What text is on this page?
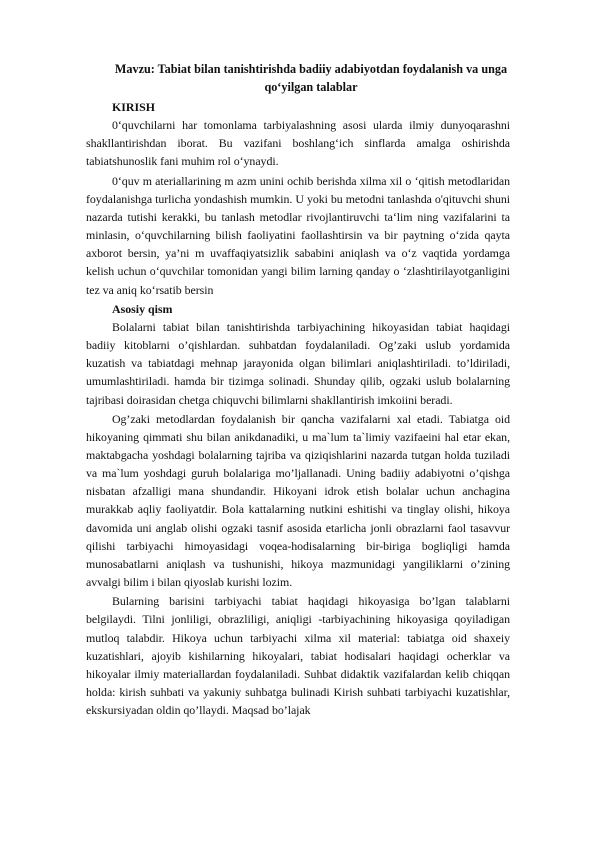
Mavzu: Tabiat bilan tanishtirishda badiiy adabiyotdan foydalanish va unga qo‘yilgan talablar

KIRISH

0‘quvchilarni har tomonlama tarbiyalashning asosi ularda ilmiy dunyoqarashni shakllantirishdan iborat. Bu vazifani boshlang‘ich sinflarda amalga oshirishda tabiatshunoslik fani muhim rol o‘ynaydi.

0‘quv m ateriallarining m azm unini ochib berishda xilma xil o ‘qitish metodlaridan foydalanishga turlicha yondashish mumkin. U yoki bu metodni tanlashda o'qituvchi shuni nazarda tutishi kerakki, bu tanlash metodlar rivojlantiruvchi ta‘lim ning vazifalarini ta minlasin, o‘quvchilarning bilish faoliyatini faollashtirsin va bir paytning o‘zida qayta axborot bersin, ya’ni m uvaffaqiyatsizlik sababini aniqlash va o‘z vaqtida yordamga kelish uchun o‘quvchilar tomonidan yangi bilim larning qanday o ‘zlashtirilayotganligini tez va aniq ko‘rsatib bersin

Asosiy qism

Bolalarni tabiat bilan tanishtirishda tarbiyachining hikoyasidan tabiat haqidagi badiiy kitoblarni o’qishlardan. suhbatdan foydalaniladi. Og’zaki uslub yordamida kuzatish va tabiatdagi mehnap jarayonida olgan bilimlari aniqlashtiriladi. to’ldiriladi, umumlashtiriladi. hamda bir tizimga solinadi. Shunday qilib, ogzaki uslub bolalarning tajribasi doirasidan chetga chiquvchi bilimlarni shakllantirish imkoiini beradi.

Og’zaki metodlardan foydalanish bir qancha vazifalarni xal etadi. Tabiatga oid hikoyaning qimmati shu bilan anikdanadiki, u ma`lum ta`limiy vazifaeini hal etar ekan, maktabgacha yoshdagi bolalarning tajriba va qiziqishlarini nazarda tutgan holda tuziladi va ma`lum yoshdagi guruh bolalariga mo’ljallanadi. Uning badiiy adabiyotni o’qishga nisbatan afzalligi mana shundandir. Hikoyani idrok etish bolalar uchun anchagina murakkab aqliy faoliyatdir. Bola kattalarning nutkini eshitishi va tinglay olishi, hikoya davomida uni anglab olishi ogzaki tasnif asosida etarlicha jonli obrazlarni faol tasavvur qilishi tarbiyachi himoyasidagi voqea-hodisalarning bir-biriga bogliqligi hamda munosabatlarni aniqlash va tushunishi, hikoya mazmunidagi yangiliklarni o’zining avvalgi bilim i bilan qiyoslab kurishi lozim.

Bularning barisini tarbiyachi tabiat haqidagi hikoyasiga bo’lgan talablarni belgilaydi. Tilni jonliligi, obrazliligi, aniqligi -tarbiyachining hikoyasiga qoyiladigan mutloq talabdir. Hikoya uchun tarbiyachi xilma xil material: tabiatga oid shaxeiy kuzatishlari, ajoyib kishilarning hikoyalari, tabiat hodisalari haqidagi ocherklar va hikoyalar ilmiy materiallardan foydalaniladi. Suhbat didaktik vazifalardan kelib chiqqan holda: kirish suhbati va yakuniy suhbatga bulinadi Kirish suhbati tarbiyachi kuzatishlar, ekskursiyadan oldin qo’llaydi. Maqsad bo’lajak
